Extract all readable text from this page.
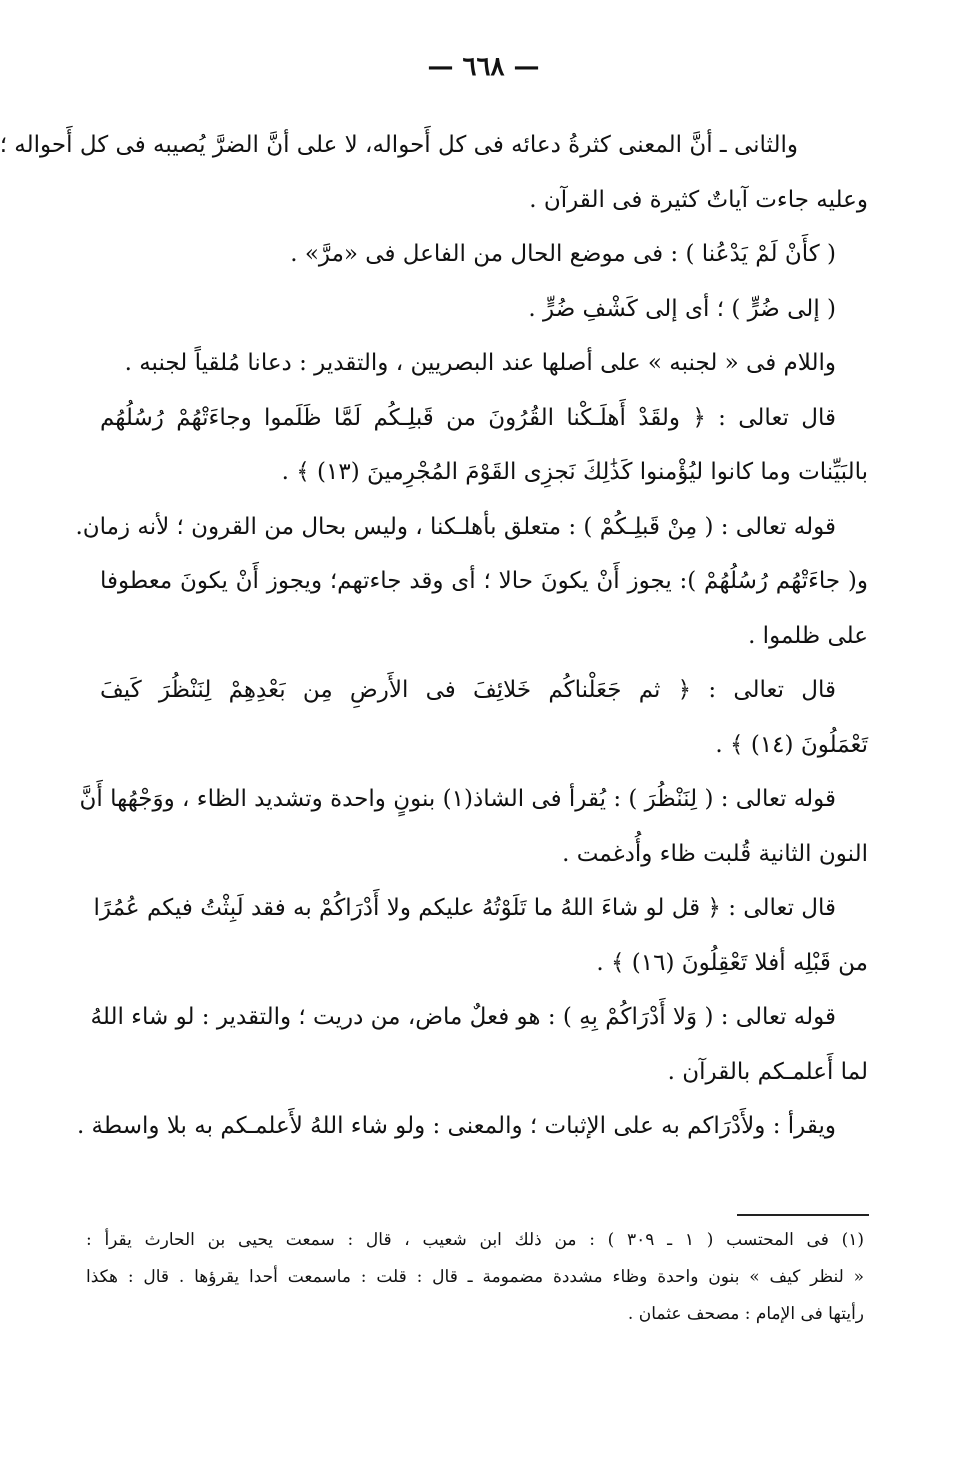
— ٦٦٨ —
والثانى ـ أنَّ المعنى كثرةُ دعائه فى كل أَحواله، لا على أنَّ الضرَّ يُصيبه فى كل أَحواله ؛
وعليه جاءت آياتٌ كثيرة فى القرآن .
( كأَنْ لَمْ يَدْعُنا ) : فى موضع الحال من الفاعل فى «مرَّ» .
( إلى ضُرٍّ ) ؛ أى إلى كَشْفِ ضُرٍّ .
واللام فى « لجنبه » على أصلها عند البصريين ، والتقدير : دعانا مُلقياً لجنبه .
قال تعالى : ﴿ ولقَدْ أَهلَـكْنا القُرُونَ من قَبلِـكُم لَمَّا ظَلَموا وجاءَتْهُمْ رُسُلُهُم
بالبَيِّنات وما كانوا ليُؤْمنوا كَذَٰلِكَ نَجزِى القَوْمَ المُجْرِمينَ (١٣) ﴾ .
قوله تعالى : ( مِنْ قَبلِـكُمْ ) : متعلق بأهلـكنا ، وليس بحال من القرون ؛ لأنه زمان.
و( جاءَتْهُم رُسُلُهُمْ ): يجوز أَنْ يكونَ حالا ؛ أى وقد جاءتهم؛ ويجوز أَنْ يكونَ معطوفا
على ظلموا .
قال تعالى : ﴿ ثم جَعَلْناكُم خَلائِفَ فى الأَرضِ مِن بَعْدِهِمْ لِنَنْظُرَ كَيفَ
تَعْمَلُونَ (١٤) ﴾ .
قوله تعالى : ( لِنَنْظُرَ ) : يُقرأ فى الشاذ(١) بنونٍ واحدة وتشديد الظاء ، ووَجْهُها أَنَّ
النون الثانية قُلبت ظاء وأُدغمت .
قال تعالى : ﴿ قل لو شاءَ اللهُ ما تَلَوْتُهُ عليكم ولا أَدْرَاكُمْ به فقد لَبِثْتُ فيكم عُمُرًا
من قَبْلِه أفلا تَعْقِلُونَ (١٦) ﴾ .
قوله تعالى : ( وَلا أَدْرَاكُمْ بِهِ ) : هو فعلٌ ماض، من دريت ؛ والتقدير : لو شاء اللهُ
لما أَعلمـكم بالقرآن .
ويقرأ : ولأَدْرَاكم به على الإثبات ؛ والمعنى : ولو شاء اللهُ لأَعلمـكم به بلا واسطة .
(١) فى المحتسب ( ١ ـ ٣٠٩ ) : من ذلك ابن شعيب ، قال : سمعت يحيى بن الحارث يقرأ :
« لنظر كيف » بنون واحدة وظاء مشددة مضمومة ـ قال : قلت : ماسمعت أحدا يقرؤها . قال : هكذا
رأيتها فى الإمام : مصحف عثمان .
